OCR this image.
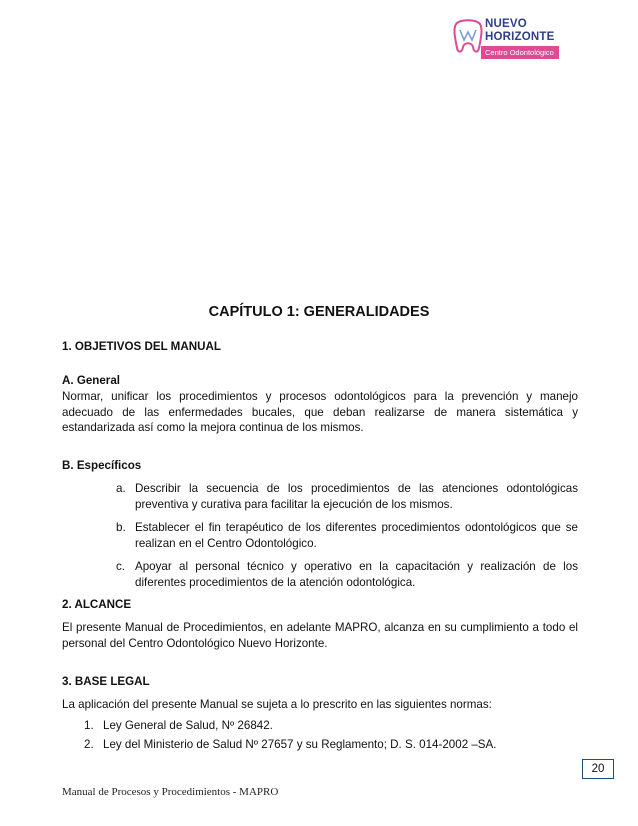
NUEVO
HORIZONTE
Centro Odontológico
CAPÍTULO 1: GENERALIDADES
1. OBJETIVOS DEL MANUAL
A. General
Normar, unificar los procedimientos y procesos odontológicos para la prevención y manejo adecuado de las enfermedades bucales, que deban realizarse de manera sistemática y estandarizada así como la mejora continua de los mismos.
B. Específicos
a. Describir la secuencia de los procedimientos de las atenciones odontológicas preventiva y curativa para facilitar la ejecución de los mismos.
b. Establecer el fin terapéutico de los diferentes procedimientos odontológicos que se realizan en el Centro Odontológico.
c. Apoyar al personal técnico y operativo en la capacitación y realización de los diferentes procedimientos de la atención odontológica.
2. ALCANCE
El presente Manual de Procedimientos, en adelante MAPRO, alcanza en su cumplimiento a todo el personal del Centro Odontológico Nuevo Horizonte.
3. BASE LEGAL
La aplicación del presente Manual se sujeta a lo prescrito en las siguientes normas:
1. Ley General de Salud, Nº 26842.
2. Ley del Ministerio de Salud Nº 27657 y su Reglamento; D. S. 014-2002 –SA.
20
Manual de Procesos y Procedimientos - MAPRO
